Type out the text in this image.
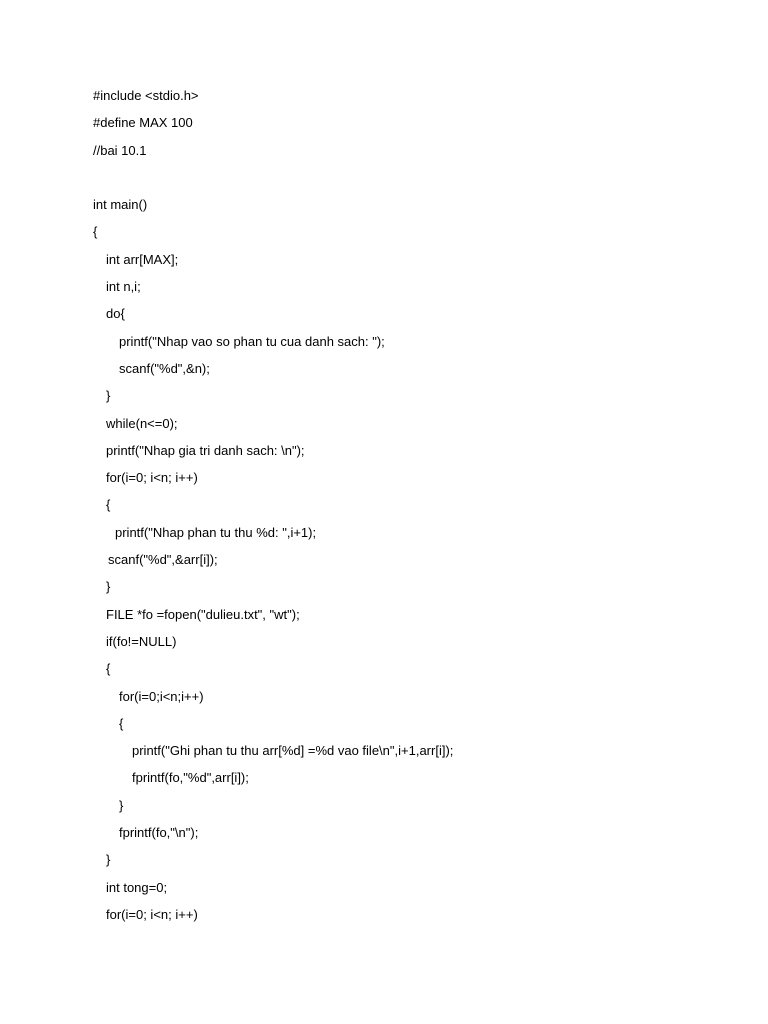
#include <stdio.h>
#define MAX 100
//bai 10.1
int main()
{
int arr[MAX];
int n,i;
do{
printf("Nhap vao so phan tu cua danh sach: ");
scanf("%d",&n);
}
while(n<=0);
printf("Nhap gia tri danh sach: \n");
for(i=0; i<n; i++)
{
printf("Nhap phan tu thu %d: ",i+1);
scanf("%d",&arr[i]);
}
FILE *fo =fopen("dulieu.txt", "wt");
if(fo!=NULL)
{
for(i=0;i<n;i++)
{
printf("Ghi phan tu thu arr[%d] =%d vao file\n",i+1,arr[i]);
fprintf(fo,"%d",arr[i]);
}
fprintf(fo,"\n");
}
int tong=0;
for(i=0; i<n; i++)
